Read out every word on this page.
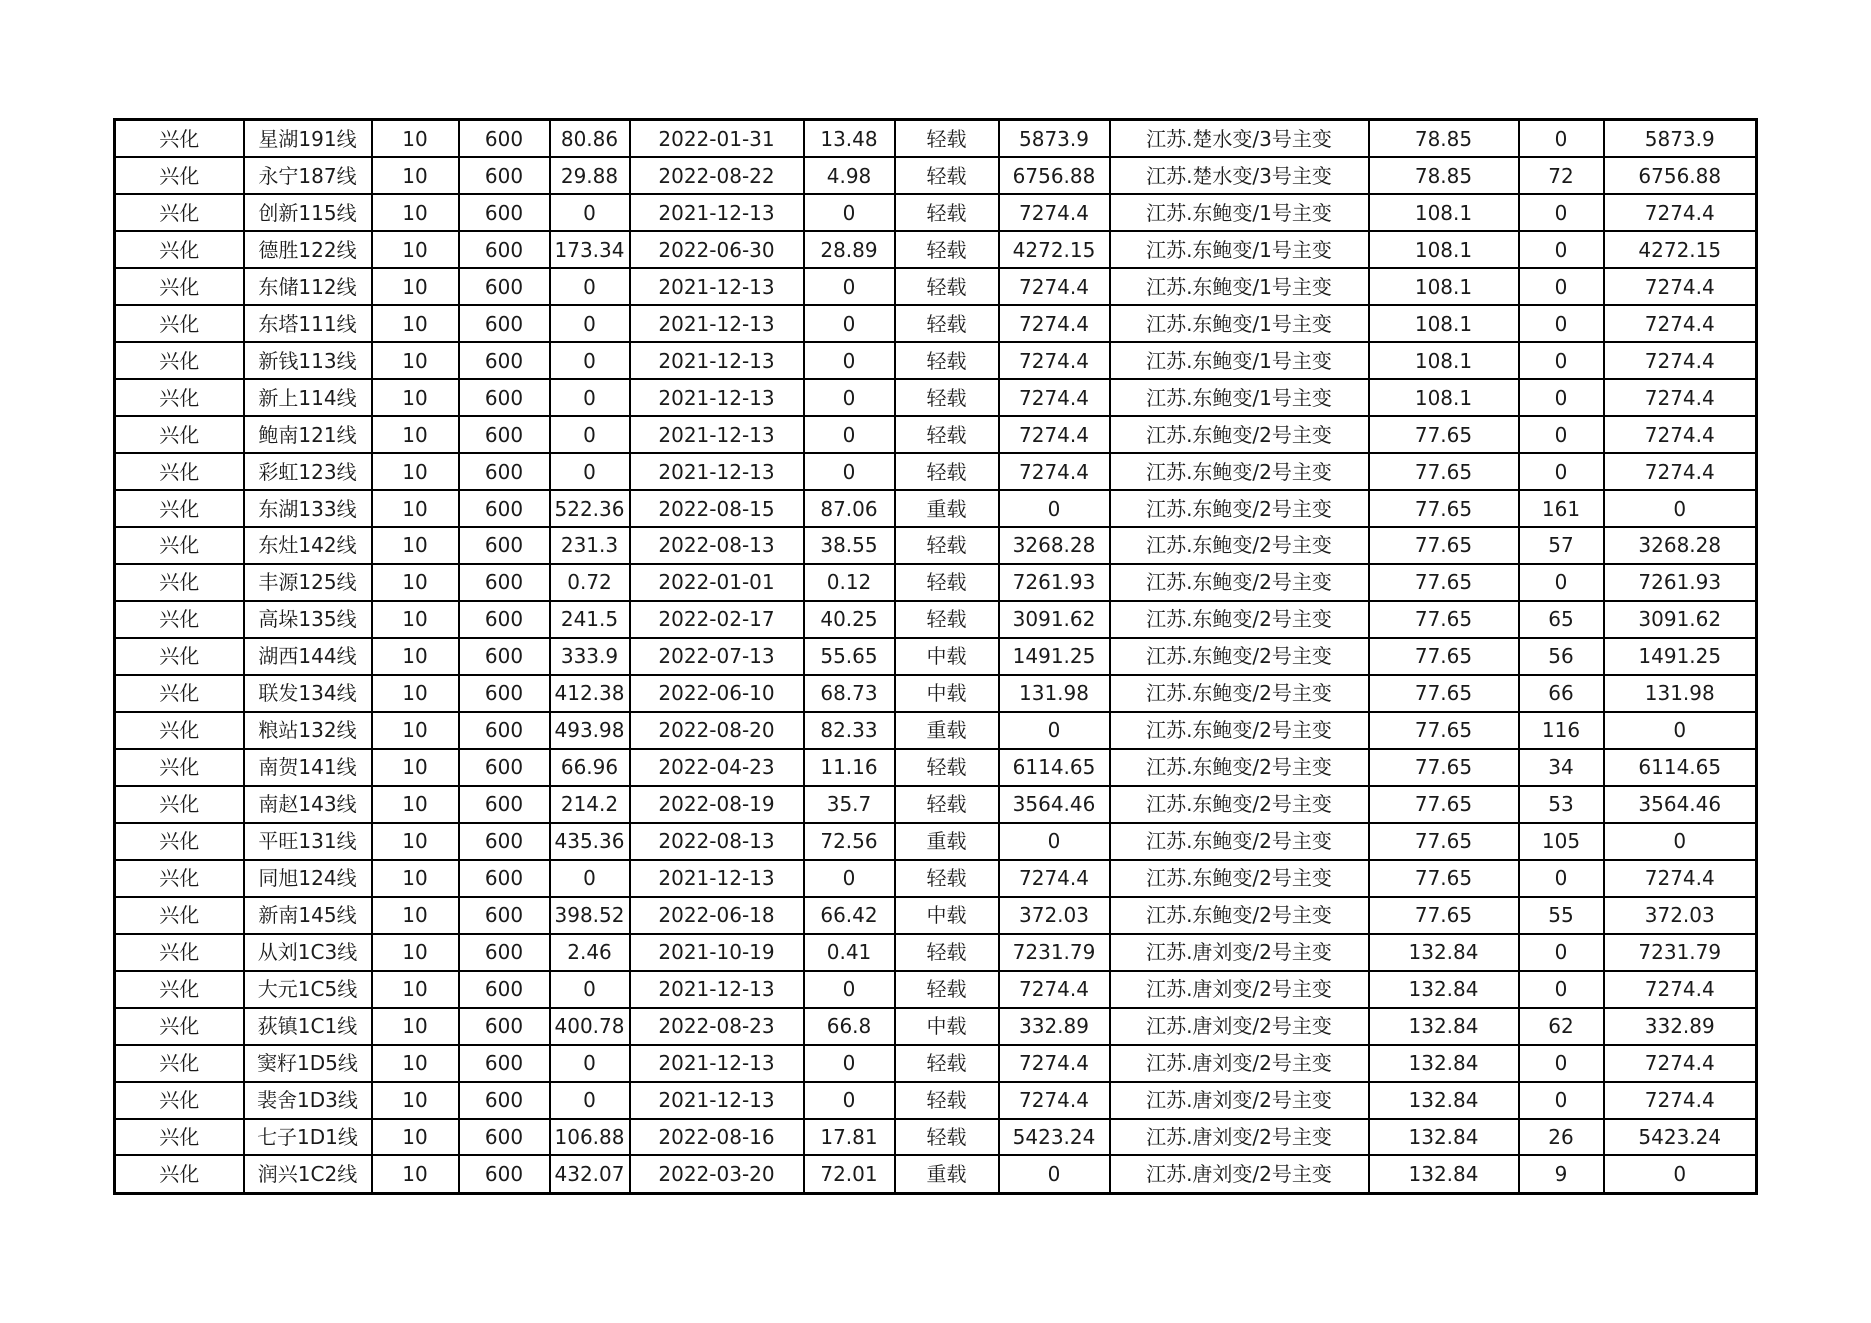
兴化	星湖191线	10	600	80.86	2022-01-31	13.48	轻载	5873.9	江苏.楚水变/3号主变	78.85	0	5873.9
兴化	永宁187线	10	600	29.88	2022-08-22	4.98	轻载	6756.88	江苏.楚水变/3号主变	78.85	72	6756.88
兴化	创新115线	10	600	0	2021-12-13	0	轻载	7274.4	江苏.东鲍变/1号主变	108.1	0	7274.4
兴化	德胜122线	10	600	173.34	2022-06-30	28.89	轻载	4272.15	江苏.东鲍变/1号主变	108.1	0	4272.15
兴化	东储112线	10	600	0	2021-12-13	0	轻载	7274.4	江苏.东鲍变/1号主变	108.1	0	7274.4
兴化	东塔111线	10	600	0	2021-12-13	0	轻载	7274.4	江苏.东鲍变/1号主变	108.1	0	7274.4
兴化	新钱113线	10	600	0	2021-12-13	0	轻载	7274.4	江苏.东鲍变/1号主变	108.1	0	7274.4
兴化	新上114线	10	600	0	2021-12-13	0	轻载	7274.4	江苏.东鲍变/1号主变	108.1	0	7274.4
兴化	鲍南121线	10	600	0	2021-12-13	0	轻载	7274.4	江苏.东鲍变/2号主变	77.65	0	7274.4
兴化	彩虹123线	10	600	0	2021-12-13	0	轻载	7274.4	江苏.东鲍变/2号主变	77.65	0	7274.4
兴化	东湖133线	10	600	522.36	2022-08-15	87.06	重载	0	江苏.东鲍变/2号主变	77.65	161	0
兴化	东灶142线	10	600	231.3	2022-08-13	38.55	轻载	3268.28	江苏.东鲍变/2号主变	77.65	57	3268.28
兴化	丰源125线	10	600	0.72	2022-01-01	0.12	轻载	7261.93	江苏.东鲍变/2号主变	77.65	0	7261.93
兴化	高垛135线	10	600	241.5	2022-02-17	40.25	轻载	3091.62	江苏.东鲍变/2号主变	77.65	65	3091.62
兴化	湖西144线	10	600	333.9	2022-07-13	55.65	中载	1491.25	江苏.东鲍变/2号主变	77.65	56	1491.25
兴化	联发134线	10	600	412.38	2022-06-10	68.73	中载	131.98	江苏.东鲍变/2号主变	77.65	66	131.98
兴化	粮站132线	10	600	493.98	2022-08-20	82.33	重载	0	江苏.东鲍变/2号主变	77.65	116	0
兴化	南贺141线	10	600	66.96	2022-04-23	11.16	轻载	6114.65	江苏.东鲍变/2号主变	77.65	34	6114.65
兴化	南赵143线	10	600	214.2	2022-08-19	35.7	轻载	3564.46	江苏.东鲍变/2号主变	77.65	53	3564.46
兴化	平旺131线	10	600	435.36	2022-08-13	72.56	重载	0	江苏.东鲍变/2号主变	77.65	105	0
兴化	同旭124线	10	600	0	2021-12-13	0	轻载	7274.4	江苏.东鲍变/2号主变	77.65	0	7274.4
兴化	新南145线	10	600	398.52	2022-06-18	66.42	中载	372.03	江苏.东鲍变/2号主变	77.65	55	372.03
兴化	从刘1C3线	10	600	2.46	2021-10-19	0.41	轻载	7231.79	江苏.唐刘变/2号主变	132.84	0	7231.79
兴化	大元1C5线	10	600	0	2021-12-13	0	轻载	7274.4	江苏.唐刘变/2号主变	132.84	0	7274.4
兴化	荻镇1C1线	10	600	400.78	2022-08-23	66.8	中载	332.89	江苏.唐刘变/2号主变	132.84	62	332.89
兴化	窦籽1D5线	10	600	0	2021-12-13	0	轻载	7274.4	江苏.唐刘变/2号主变	132.84	0	7274.4
兴化	裴舍1D3线	10	600	0	2021-12-13	0	轻载	7274.4	江苏.唐刘变/2号主变	132.84	0	7274.4
兴化	七子1D1线	10	600	106.88	2022-08-16	17.81	轻载	5423.24	江苏.唐刘变/2号主变	132.84	26	5423.24
兴化	润兴1C2线	10	600	432.07	2022-03-20	72.01	重载	0	江苏.唐刘变/2号主变	132.84	9	0
